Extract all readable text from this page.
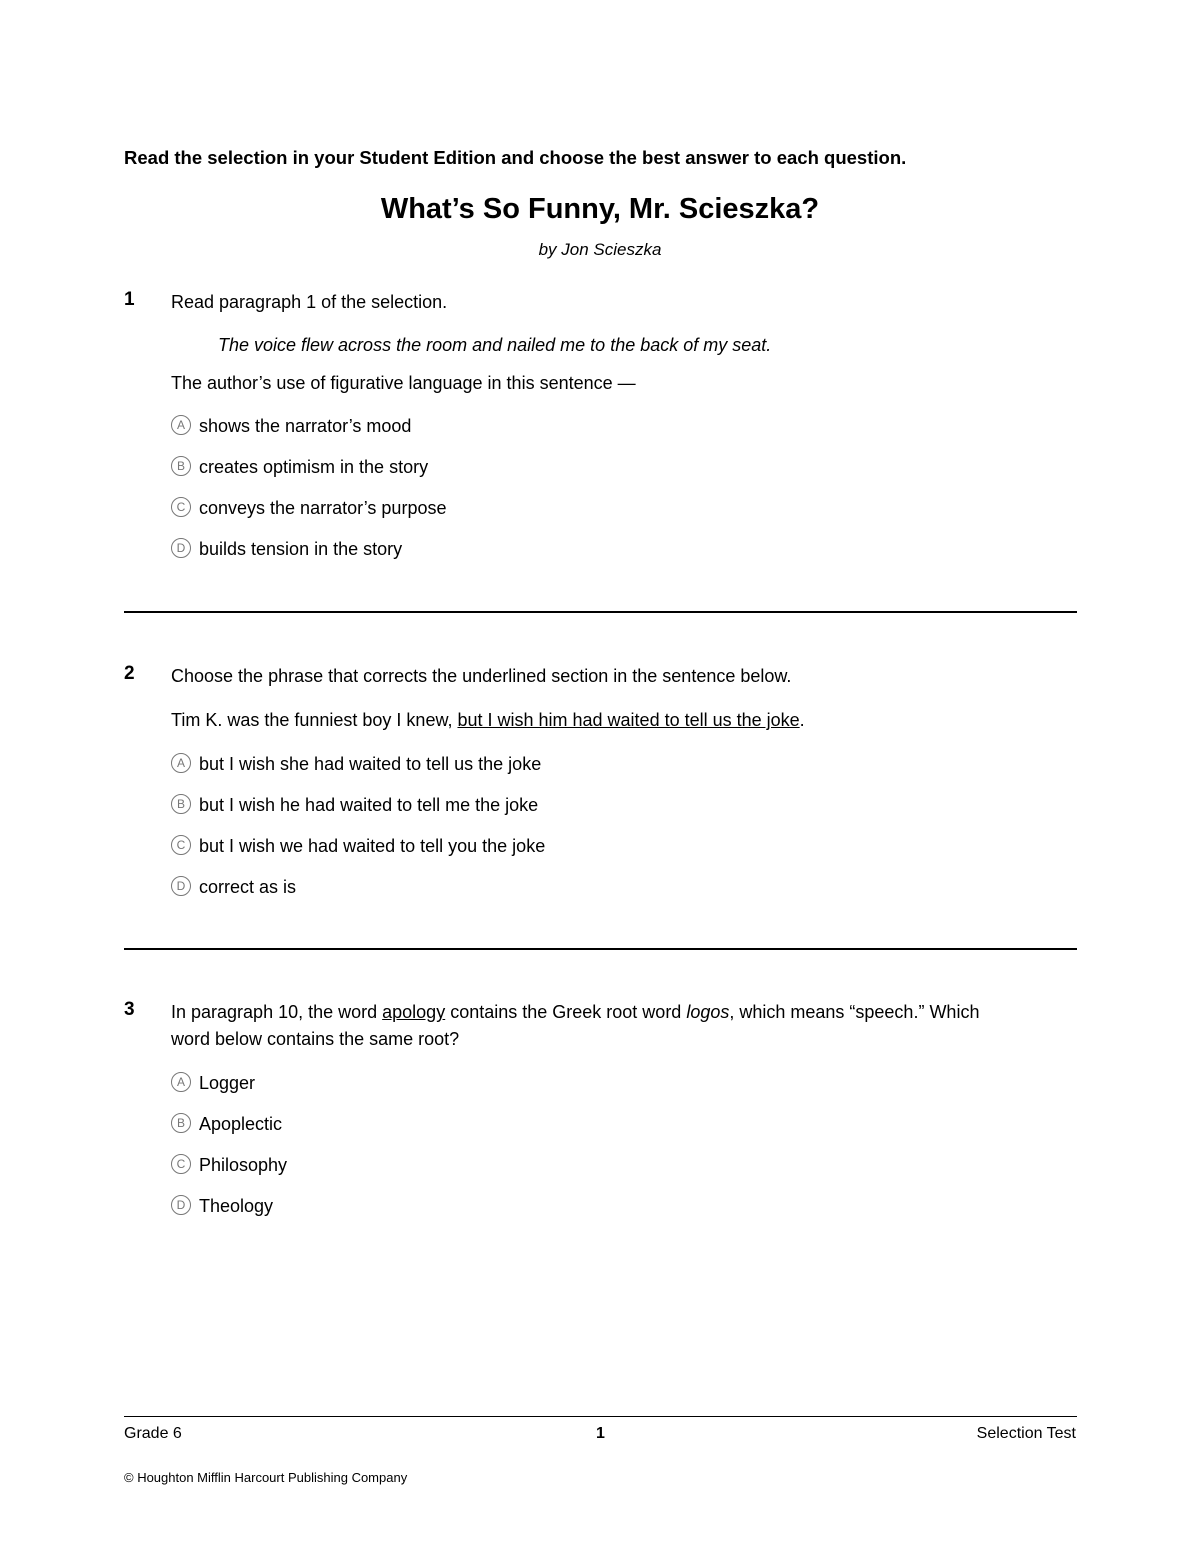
Read the selection in your Student Edition and choose the best answer to each question.
What’s So Funny, Mr. Scieszka?
by Jon Scieszka
1 Read paragraph 1 of the selection.
The voice flew across the room and nailed me to the back of my seat.
The author’s use of figurative language in this sentence —
A shows the narrator’s mood
B creates optimism in the story
C conveys the narrator’s purpose
D builds tension in the story
2 Choose the phrase that corrects the underlined section in the sentence below.
Tim K. was the funniest boy I knew, but I wish him had waited to tell us the joke.
A but I wish she had waited to tell us the joke
B but I wish he had waited to tell me the joke
C but I wish we had waited to tell you the joke
D correct as is
3 In paragraph 10, the word apology contains the Greek root word logos, which means “speech.” Which
word below contains the same root?
A Logger
B Apoplectic
C Philosophy
D Theology
Grade 6	1	Selection Test
© Houghton Mifflin Harcourt Publishing Company
